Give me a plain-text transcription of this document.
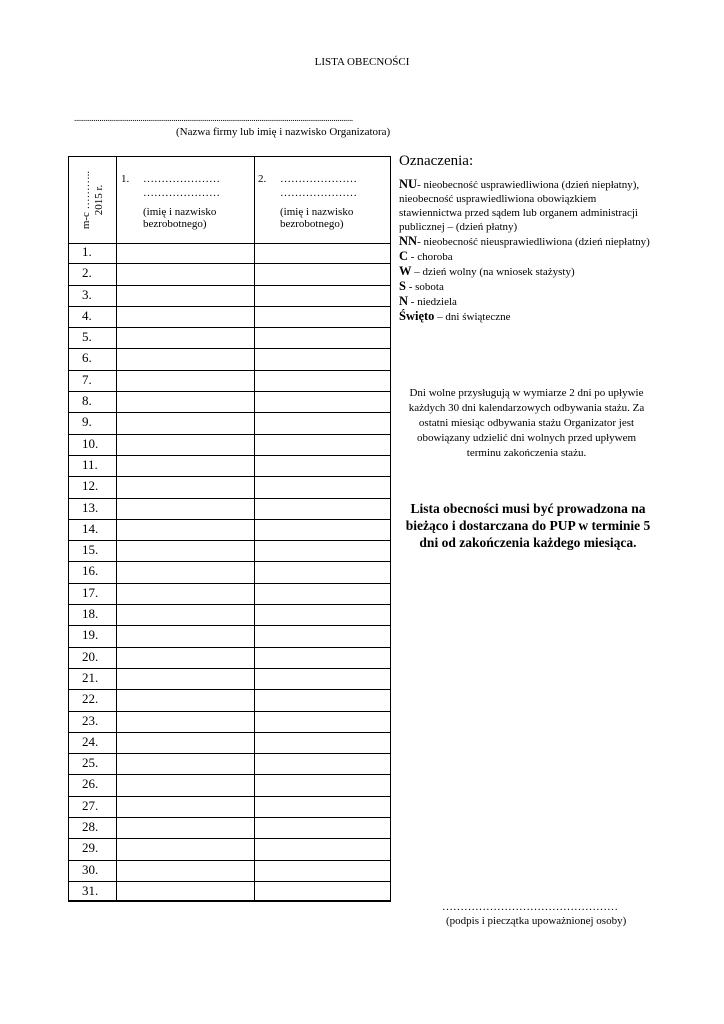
LISTA OBECNOŚCI
...............................................................................................................................................
(Nazwa firmy lub imię i nazwisko Organizatora)
m-c ……….. 2015 r.
1. …………………
…………………
(imię i nazwisko
bezrobotnego)
2. …………………
…………………
(imię i nazwisko
bezrobotnego)
1.
2.
3.
4.
5.
6.
7.
8.
9.
10.
11.
12.
13.
14.
15.
16.
17.
18.
19.
20.
21.
22.
23.
24.
25.
26.
27.
28.
29.
30.
31.
Oznaczenia:
NU- nieobecność usprawiedliwiona (dzień niepłatny), nieobecność usprawiedliwiona obowiązkiem stawiennictwa przed sądem lub organem administracji publicznej – (dzień płatny)
NN- nieobecność nieusprawiedliwiona (dzień niepłatny)
C - choroba
W – dzień wolny (na wniosek stażysty)
S - sobota
N - niedziela
Święto – dni świąteczne
Dni wolne przysługują w wymiarze 2 dni po upływie każdych 30 dni kalendarzowych odbywania stażu. Za ostatni miesiąc odbywania stażu Organizator jest obowiązany udzielić dni wolnych przed upływem terminu zakończenia stażu.
Lista obecności musi być prowadzona na bieżąco i dostarczana do PUP w terminie 5 dni od zakończenia każdego miesiąca.
…………………………………………
(podpis i pieczątka upoważnionej osoby)
